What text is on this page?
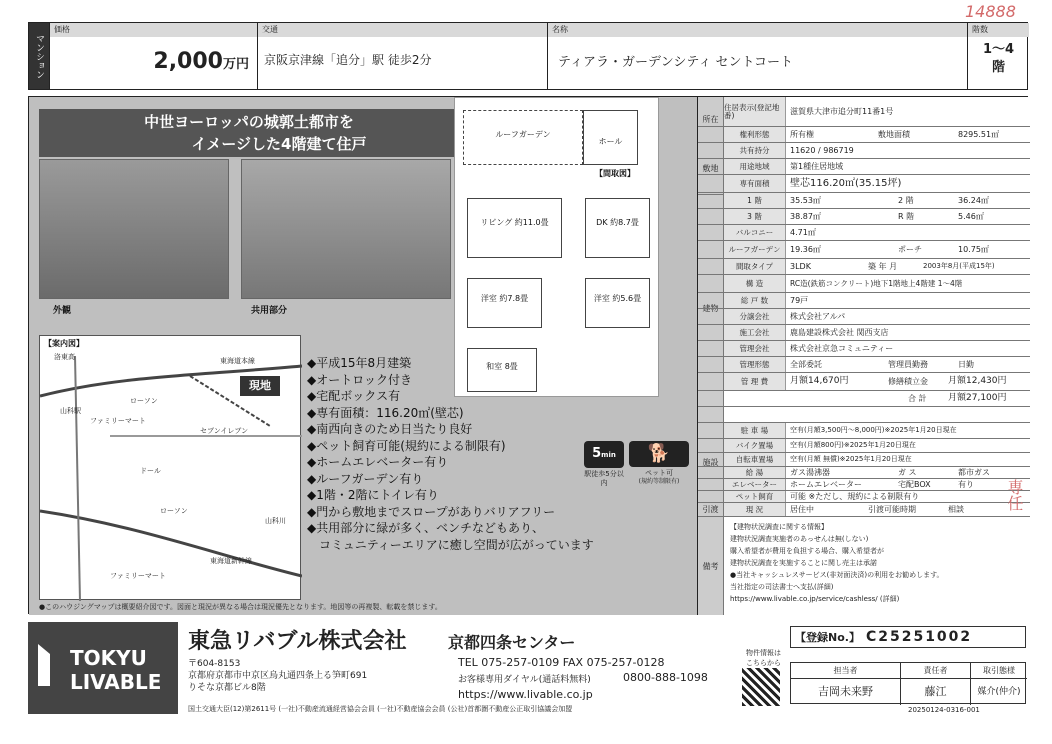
14888
マンション
価格
2,000万円
交通
京阪京津線「追分」駅 徒歩2分
名称
ティアラ・ガーデンシティ セントコート
階数
1〜4
階
中世ヨーロッパの城郭土都市を
イメージした4階建て住戸
外観	共用部分
ルーフガーデン
ホール
【間取図】
リビング 約11.0畳	DK 約8.7畳
洋室 約7.8畳	洋室 約5.6畳
和室 8畳
【案内図】
現地
洛東高
山科駅
ローソン
ファミリーマート
セブンイレブン
東海道本線
ドール
ローソン
東海道新幹線
山科川
ファミリーマート
◆平成15年8月建築
◆オートロック付き
◆宅配ボックス有
◆専有面積：116.20㎡(壁芯)
◆南西向きのため日当たり良好
◆ペット飼育可能(規約による制限有)
◆ホームエレベーター有り
◆ルーフガーデン有り
◆1階・2階にトイレ有り
◆門から敷地までスロープがありバリアフリー
◆共用部分に緑が多く、ベンチなどもあり、
コミュニティーエリアに癒し空間が広がっています
5min
駅徒歩5分以内
🐕
ペット可
(規約等制限有)
●このハウジングマップは概要紹介図です。図面と現況が異なる場合は現況優先となります。地図等の再複製、転載を禁じます。
所在
敷地
建物
施設
引渡
備考
住居表示(登記地番)	滋賀県大津市追分町11番1号
権利形態	所有権	敷地面積	8295.51㎡
共有持分	11620 / 986719
用途地域	第1種住居地域
専有面積	壁芯116.20㎡(35.15坪)
1 階	35.53㎡	2 階	36.24㎡
3 階	38.87㎡	R 階	5.46㎡
バルコニー	4.71㎡
ルーフガーデン	19.36㎡	ポーチ	10.75㎡
間取タイプ	3LDK	築 年 月	2003年8月(平成15年)
構 造	RC造(鉄筋コンクリート)地下1階地上4階建 1〜4階
総 戸 数	79戸
分譲会社	株式会社アルパ
施工会社	鹿島建設株式会社 関西支店
管理会社	株式会社京急コミュニティー
管理形態	全部委託	管理員勤務	日勤
管 理 費	月額14,670円	修繕積立金 月額12,430円
合 計 月額27,100円

駐 車 場	空有(月額3,500円〜8,000円)※2025年1月20日現在
バイク置場	空有(月額800円)※2025年1月20日現在
自転車置場	空有(月額 無償)※2025年1月20日現在
給 湯	ガス湯沸器	ガ ス	都市ガス
エレベーター	ホームエレベーター	宅配BOX	有り
ペット飼育	可能 ※ただし、規約による制限有り
現 況	居住中	引渡可能時期	相談
【建物状況調査に関する情報】
建物状況調査実施者のあっせんは無(しない)
購入希望者が費用を負担する場合、購入希望者が
建物状況調査を実施することに関し売主は承諾
●当社キャッシュレスサービス(非対面決済)の利用をお勧めします。
当社指定の司法書士へ支払(詳細)
https://www.livable.co.jp/service/cashless/ (詳細)
専任
TOKYU
LIVABLE
東急リバブル株式会社	京都四条センター
〒604-8153
京都府京都市中京区烏丸通四条上る笋町691
りそな京都ビル8階
TEL 075-257-0109 FAX 075-257-0128
お客様専用ダイヤル(通話料無料)	0800-888-1098
https://www.livable.co.jp
国土交通大臣(12)第2611号 (一社)不動産流通経営協会会員 (一社)不動産協会会員 (公社)首都圏不動産公正取引協議会加盟
物件情報はこちらから
【登録No.】 C25251002
担当者	責任者	取引態様
吉岡未来野	藤江	媒介(仲介)
20250124-0316-001
